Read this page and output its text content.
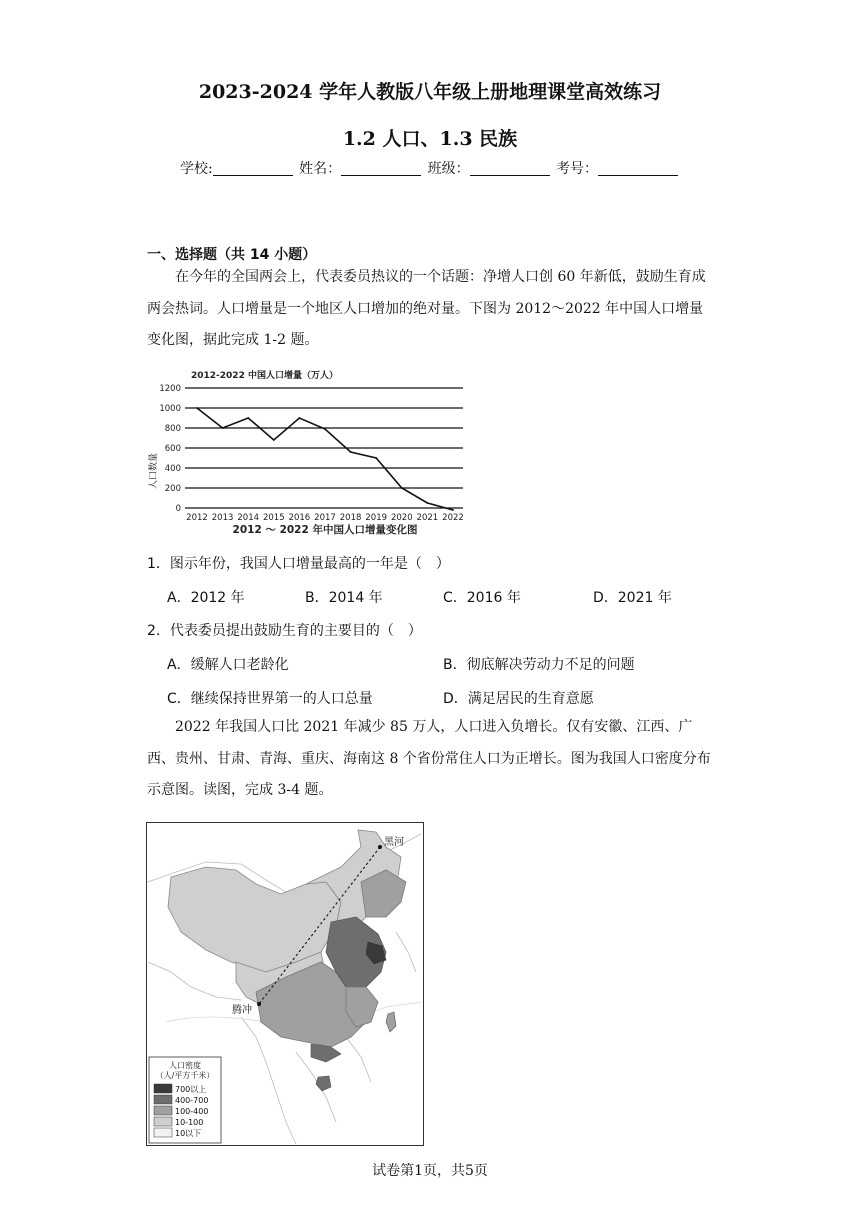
2023-2024 学年人教版八年级上册地理课堂高效练习
1.2 人口、1.3 民族
学校:	姓名：	班级：	考号：
一、选择题（共 14 小题）
在今年的全国两会上，代表委员热议的一个话题：净增人口创 60 年新低，鼓励生育成两会热词。人口增量是一个地区人口增加的绝对量。下图为 2012～2022 年中国人口增量变化图，据此完成 1-2 题。
2012-2022 中国人口增量（万人）
人口数量
0
200
400
600
800
1000
1200
2012 2013 2014 2015 2016 2017 2018 2019 2020 2021 2022
2012 ～ 2022 年中国人口增量变化图
1．图示年份，我国人口增量最高的一年是（　）
A．2012 年	B．2014 年	C．2016 年	D．2021 年
2．代表委员提出鼓励生育的主要目的（　）
A．缓解人口老龄化	B．彻底解决劳动力不足的问题
C．继续保持世界第一的人口总量	D．满足居民的生育意愿
2022 年我国人口比 2021 年减少 85 万人，人口进入负增长。仅有安徽、江西、广西、贵州、甘肃、青海、重庆、海南这 8 个省份常住人口为正增长。图为我国人口密度分布示意图。读图，完成 3-4 题。
黑河
腾冲
人口密度
（人/平方千米）
700以上
400-700
100-400
10-100
10以下
试卷第1页，共5页
